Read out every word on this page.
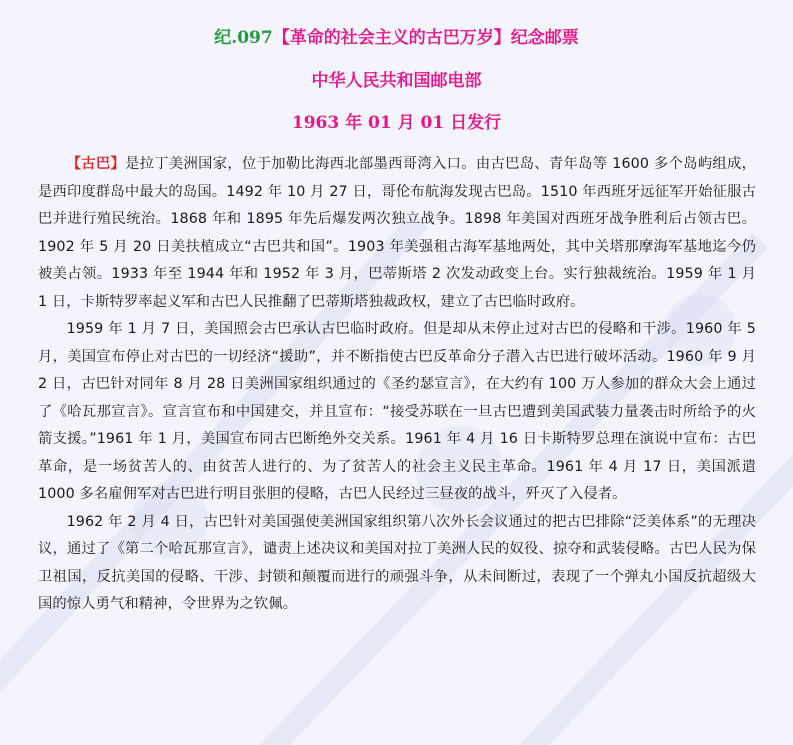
纪.097【革命的社会主义的古巴万岁】纪念邮票
中华人民共和国邮电部
1963 年 01 月 01 日发行

【古巴】是拉丁美洲国家，位于加勒比海西北部墨西哥湾入口。由古巴岛、青年岛等 1600 多个岛屿组成，是西印度群岛中最大的岛国。1492 年 10 月 27 日，哥伦布航海发现古巴岛。1510 年西班牙远征军开始征服古巴并进行殖民统治。1868 年和 1895 年先后爆发两次独立战争。1898 年美国对西班牙战争胜利后占领古巴。1902 年 5 月 20 日美扶植成立“古巴共和国”。1903 年美强租古海军基地两处，其中关塔那摩海军基地迄今仍被美占领。1933 年至 1944 年和 1952 年 3 月，巴蒂斯塔 2 次发动政变上台。实行独裁统治。1959 年 1 月 1 日，卡斯特罗率起义军和古巴人民推翻了巴蒂斯塔独裁政权，建立了古巴临时政府。

1959 年 1 月 7 日，美国照会古巴承认古巴临时政府。但是却从未停止过对古巴的侵略和干涉。1960 年 5 月，美国宣布停止对古巴的一切经济“援助”，并不断指使古巴反革命分子潜入古巴进行破坏活动。1960 年 9 月 2 日，古巴针对同年 8 月 28 日美洲国家组织通过的《圣约瑟宣言》，在大约有 100 万人参加的群众大会上通过了《哈瓦那宣言》。宣言宣布和中国建交，并且宣布：“接受苏联在一旦古巴遭到美国武装力量袭击时所给予的火箭支援。”1961 年 1 月，美国宣布同古巴断绝外交关系。1961 年 4 月 16 日卡斯特罗总理在演说中宣布：古巴革命，是一场贫苦人的、由贫苦人进行的、为了贫苦人的社会主义民主革命。1961 年 4 月 17 日，美国派遣 1000 多名雇佣军对古巴进行明目张胆的侵略，古巴人民经过三昼夜的战斗，歼灭了入侵者。

1962 年 2 月 4 日，古巴针对美国强使美洲国家组织第八次外长会议通过的把古巴排除“泛美体系”的无理决议，通过了《第二个哈瓦那宣言》，谴责上述决议和美国对拉丁美洲人民的奴役、掠夺和武装侵略。古巴人民为保卫祖国，反抗美国的侵略、干涉、封锁和颠覆而进行的顽强斗争，从未间断过，表现了一个弹丸小国反抗超级大国的惊人勇气和精神，令世界为之钦佩。
